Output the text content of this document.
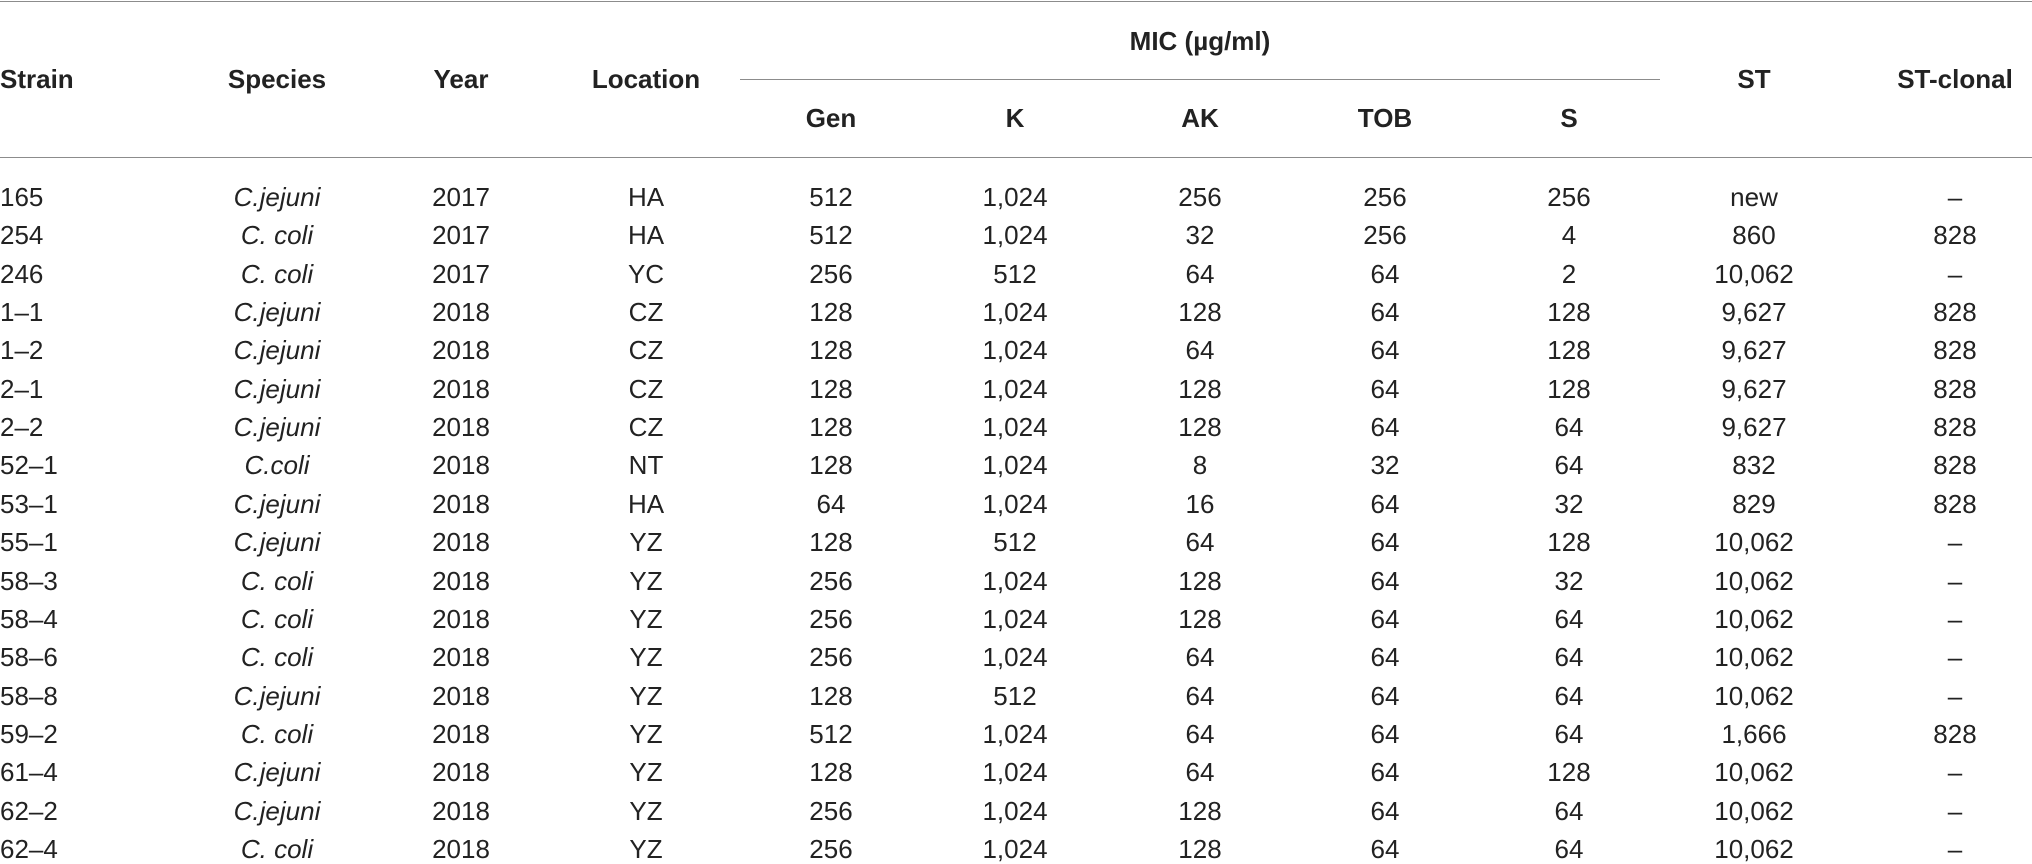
Strain	Species	Year	Location
MIC (µg/ml)
Gen	K	AK	TOB	S
ST	ST-clonal
165	C.jejuni	2017	HA	512	1,024	256	256	256	new	–
254	C. coli	2017	HA	512	1,024	32	256	4	860	828
246	C. coli	2017	YC	256	512	64	64	2	10,062	–
1–1	C.jejuni	2018	CZ	128	1,024	128	64	128	9,627	828
1–2	C.jejuni	2018	CZ	128	1,024	64	64	128	9,627	828
2–1	C.jejuni	2018	CZ	128	1,024	128	64	128	9,627	828
2–2	C.jejuni	2018	CZ	128	1,024	128	64	64	9,627	828
52–1	C.coli	2018	NT	128	1,024	8	32	64	832	828
53–1	C.jejuni	2018	HA	64	1,024	16	64	32	829	828
55–1	C.jejuni	2018	YZ	128	512	64	64	128	10,062	–
58–3	C. coli	2018	YZ	256	1,024	128	64	32	10,062	–
58–4	C. coli	2018	YZ	256	1,024	128	64	64	10,062	–
58–6	C. coli	2018	YZ	256	1,024	64	64	64	10,062	–
58–8	C.jejuni	2018	YZ	128	512	64	64	64	10,062	–
59–2	C. coli	2018	YZ	512	1,024	64	64	64	1,666	828
61–4	C.jejuni	2018	YZ	128	1,024	64	64	128	10,062	–
62–2	C.jejuni	2018	YZ	256	1,024	128	64	64	10,062	–
62–4	C. coli	2018	YZ	256	1,024	128	64	64	10,062	–
